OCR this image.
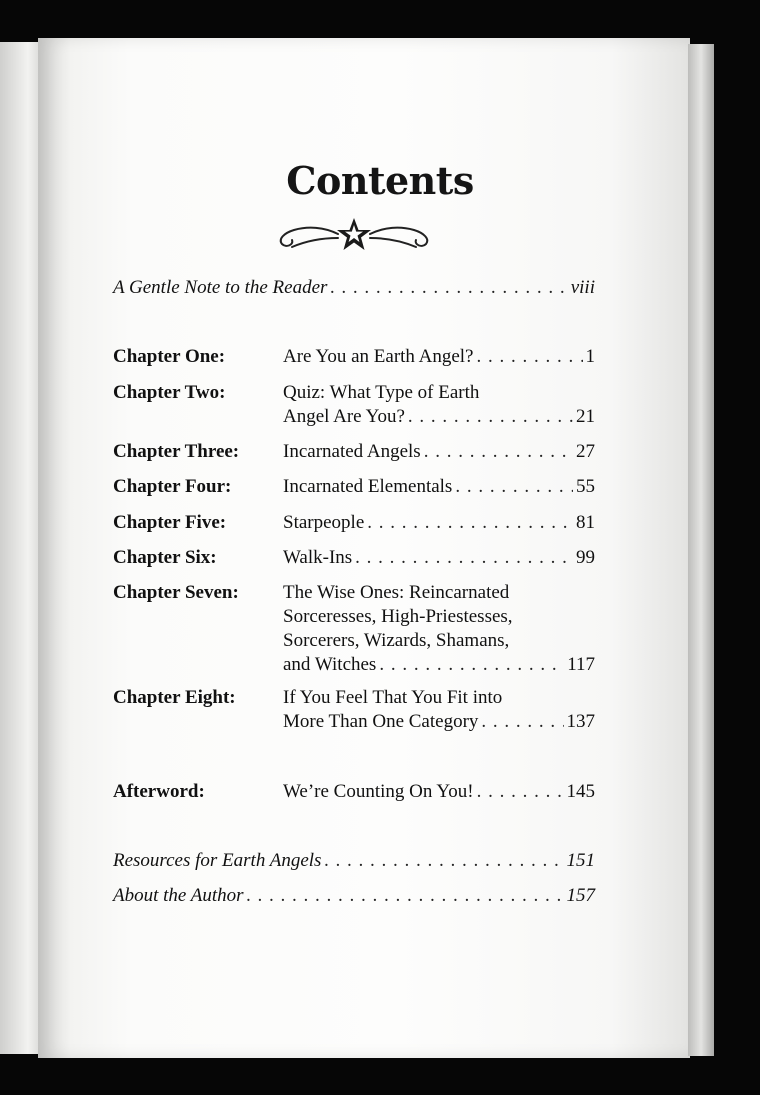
Contents
A Gentle Note to the Reader . . .	viii
Chapter One:	Are You an Earth Angel? . . .	1
Chapter Two:	Quiz: What Type of Earth
Angel Are You? . . .	21
Chapter Three: Incarnated Angels . . .	27
Chapter Four:	Incarnated Elementals . . .	55
Chapter Five:	Starpeople . . .	81
Chapter Six:	Walk-Ins . . .	99
Chapter Seven: The Wise Ones: Reincarnated
Sorceresses, High-Priestesses,
Sorcerers, Wizards, Shamans,
and Witches . . .	117
Chapter Eight: If You Feel That You Fit into
More Than One Category . . .	137
Afterword:	We’re Counting On You! . . .	145
Resources for Earth Angels . . .	151
About the Author . . .	157
